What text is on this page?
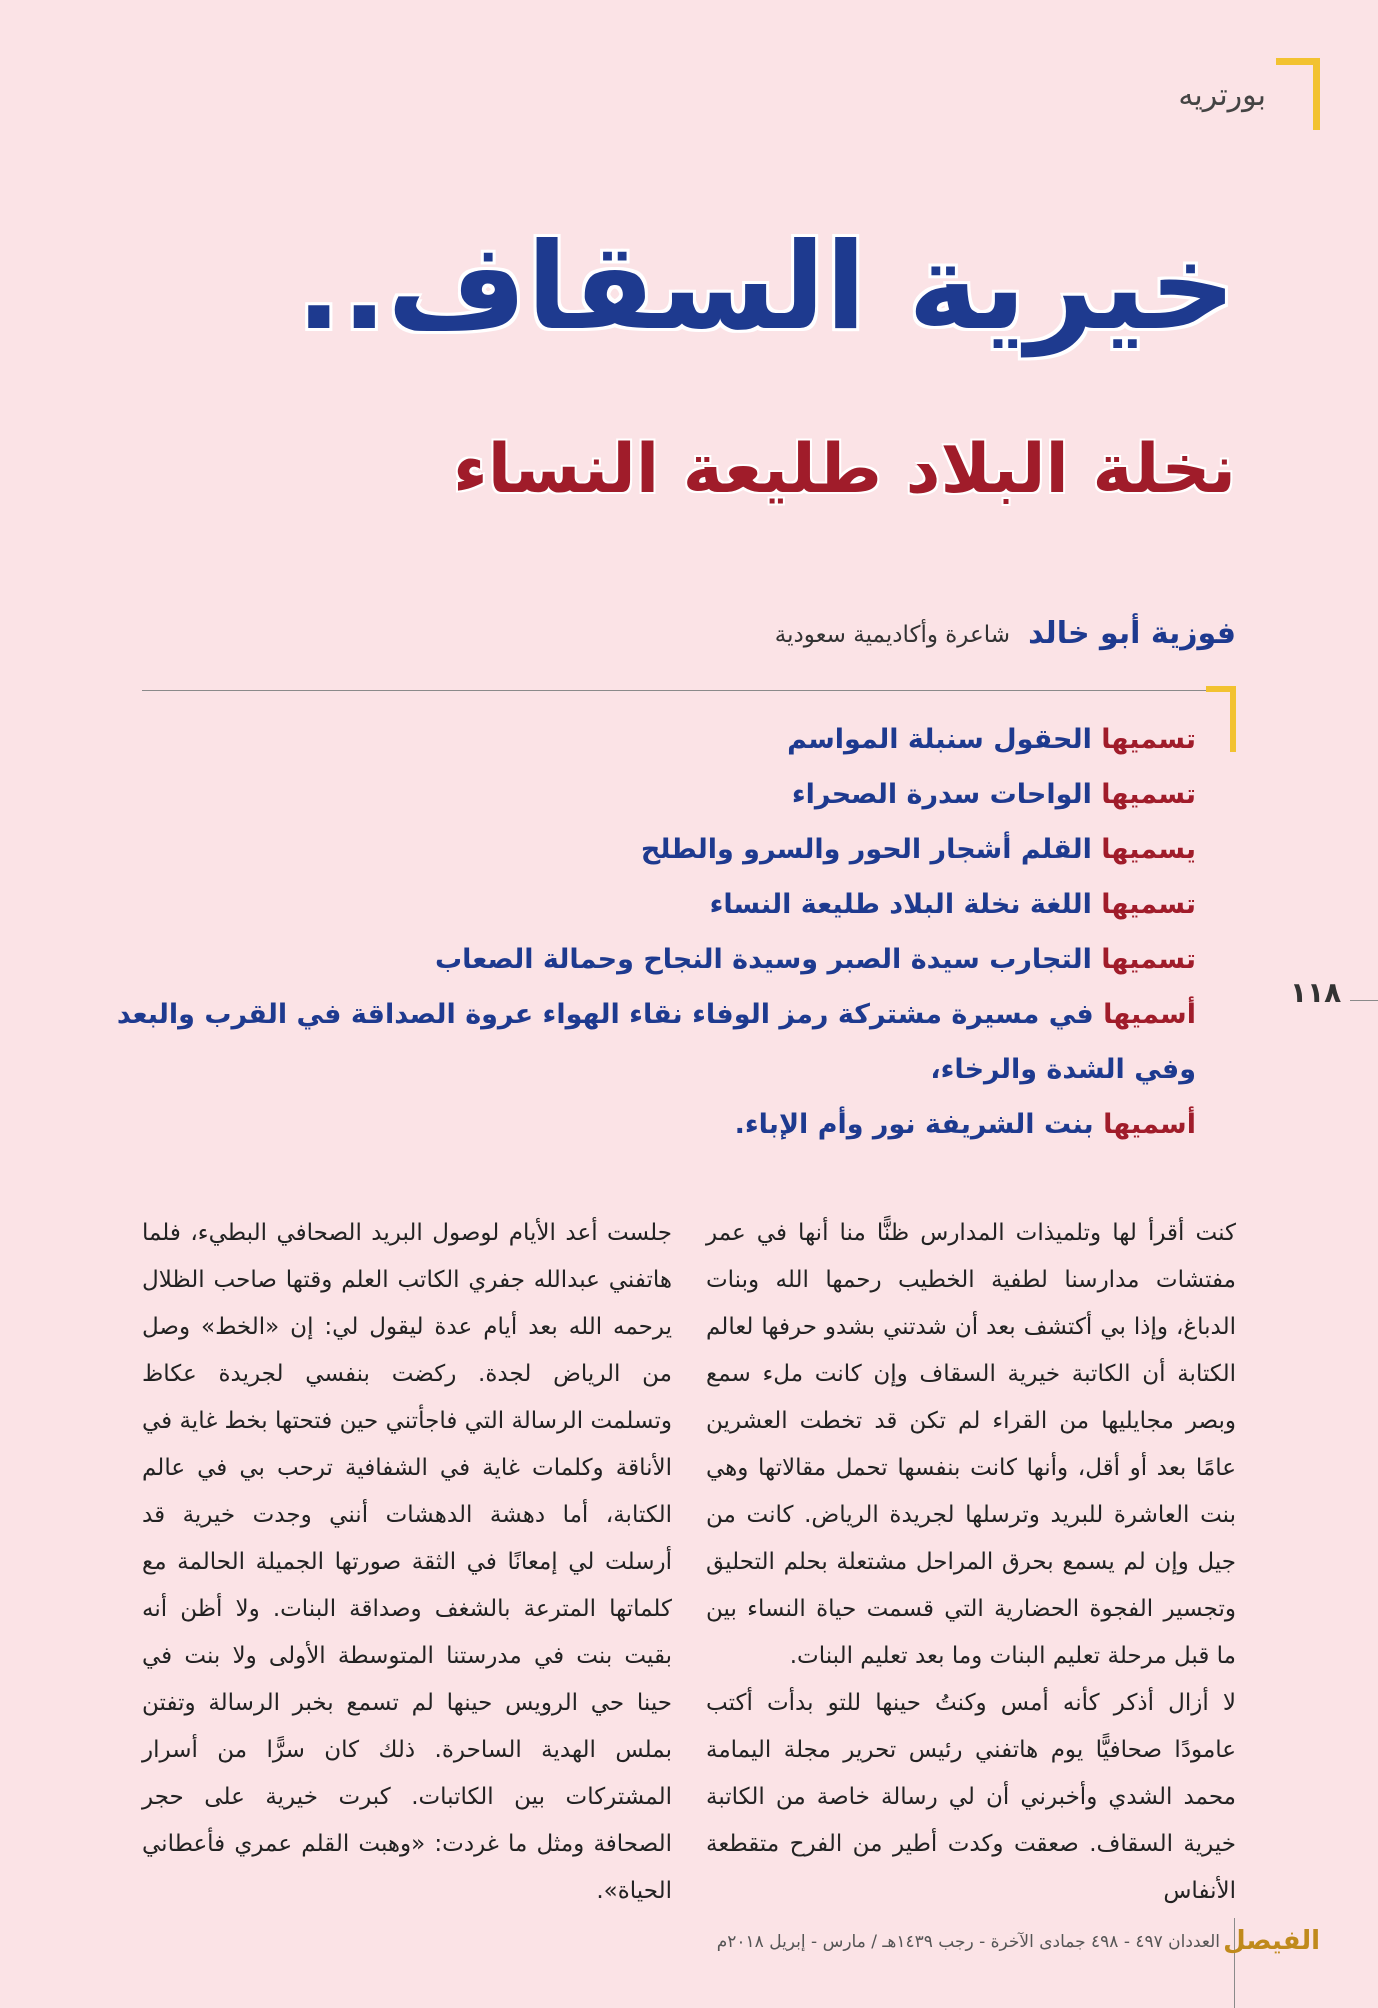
بورتريه
خيرية السقاف..
نخلة البلاد طليعة النساء
فوزية أبو خالد
شاعرة وأكاديمية سعودية
تسميها الحقول سنبلة المواسم
تسميها الواحات سدرة الصحراء
يسميها القلم أشجار الحور والسرو والطلح
تسميها اللغة نخلة البلاد طليعة النساء
تسميها التجارب سيدة الصبر وسيدة النجاح وحمالة الصعاب
أسميها في مسيرة مشتركة رمز الوفاء نقاء الهواء عروة الصداقة في القرب والبعد
وفي الشدة والرخاء،
أسميها بنت الشريفة نور وأم الإباء.
١١٨

كنت أقرأ لها وتلميذات المدارس ظنًّا منا أنها في عمر مفتشات مدارسنا لطفية الخطيب رحمها الله وبنات الدباغ، وإذا بي أكتشف بعد أن شدتني بشدو حرفها لعالم الكتابة أن الكاتبة خيرية السقاف وإن كانت ملء سمع وبصر مجايليها من القراء لم تكن قد تخطت العشرين عامًا بعد أو أقل، وأنها كانت بنفسها تحمل مقالاتها وهي بنت العاشرة للبريد وترسلها لجريدة الرياض. كانت من جيل وإن لم يسمع بحرق المراحل مشتعلة بحلم التحليق وتجسير الفجوة الحضارية التي قسمت حياة النساء بين ما قبل مرحلة تعليم البنات وما بعد تعليم البنات.

لا أزال أذكر كأنه أمس وكنتُ حينها للتو بدأت أكتب عامودًا صحافيًّا يوم هاتفني رئيس تحرير مجلة اليمامة محمد الشدي وأخبرني أن لي رسالة خاصة من الكاتبة خيرية السقاف. صعقت وكدت أطير من الفرح متقطعة الأنفاس

جلست أعد الأيام لوصول البريد الصحافي البطيء، فلما هاتفني عبدالله جفري الكاتب العلم وقتها صاحب الظلال يرحمه الله بعد أيام عدة ليقول لي: إن «الخط» وصل من الرياض لجدة. ركضت بنفسي لجريدة عكاظ وتسلمت الرسالة التي فاجأتني حين فتحتها بخط غاية في الأناقة وكلمات غاية في الشفافية ترحب بي في عالم الكتابة، أما دهشة الدهشات أنني وجدت خيرية قد أرسلت لي إمعانًا في الثقة صورتها الجميلة الحالمة مع كلماتها المترعة بالشغف وصداقة البنات. ولا أظن أنه بقيت بنت في مدرستنا المتوسطة الأولى ولا بنت في حينا حي الرويس حينها لم تسمع بخبر الرسالة وتفتن بملس الهدية الساحرة. ذلك كان سرًّا من أسرار المشتركات بين الكاتبات. كبرت خيرية على حجر الصحافة ومثل ما غردت: «وهبت القلم عمري فأعطاني الحياة».

الفيصل
العددان ٤٩٧ - ٤٩٨ جمادى الآخرة - رجب ١٤٣٩هـ / مارس - إبريل ٢٠١٨م
